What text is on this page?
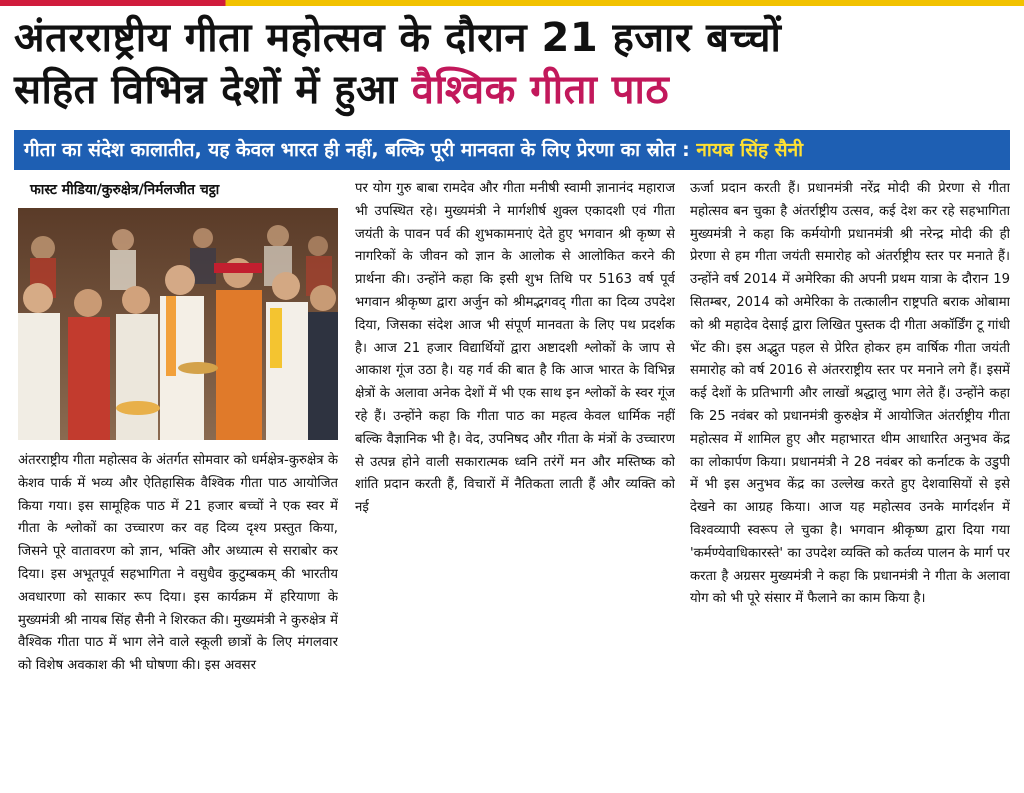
अंतरराष्ट्रीय गीता महोत्सव के दौरान 21 हजार बच्चों
सहित विभिन्न देशों में हुआ वैश्विक गीता पाठ
गीता का संदेश कालातीत, यह केवल भारत ही नहीं, बल्कि पूरी मानवता के लिए प्रेरणा का स्रोत : नायब सिंह सैनी
फास्ट मीडिया/कुरुक्षेत्र/निर्मलजीत चट्ठा

अंतरराष्ट्रीय गीता महोत्सव के अंतर्गत सोमवार को धर्मक्षेत्र-कुरुक्षेत्र के केशव पार्क में भव्य और ऐतिहासिक वैश्विक गीता पाठ आयोजित किया गया। इस सामूहिक पाठ में 21 हजार बच्चों ने एक स्वर में गीता के श्लोकों का उच्चारण कर वह दिव्य दृश्य प्रस्तुत किया, जिसने पूरे वातावरण को ज्ञान, भक्ति और अध्यात्म से सराबोर कर दिया। इस अभूतपूर्व सहभागिता ने वसुधैव कुटुम्बकम् की भारतीय अवधारणा को साकार रूप दिया। इस कार्यक्रम में हरियाणा के मुख्यमंत्री श्री नायब सिंह सैनी ने शिरकत की। मुख्यमंत्री ने कुरुक्षेत्र में वैश्विक गीता पाठ में भाग लेने वाले स्कूली छात्रों के लिए मंगलवार को विशेष अवकाश की भी घोषणा की। इस अवसर

पर योग गुरु बाबा रामदेव और गीता मनीषी स्वामी ज्ञानानंद महाराज भी उपस्थित रहे। मुख्यमंत्री ने मार्गशीर्ष शुक्ल एकादशी एवं गीता जयंती के पावन पर्व की शुभकामनाएं देते हुए भगवान श्री कृष्ण से नागरिकों के जीवन को ज्ञान के आलोक से आलोकित करने की प्रार्थना की। उन्होंने कहा कि इसी शुभ तिथि पर 5163 वर्ष पूर्व भगवान श्रीकृष्ण द्वारा अर्जुन को श्रीमद्भगवद् गीता का दिव्य उपदेश दिया, जिसका संदेश आज भी संपूर्ण मानवता के लिए पथ प्रदर्शक है। आज 21 हजार विद्यार्थियों द्वारा अष्टादशी श्लोकों के जाप से आकाश गूंज उठा है। यह गर्व की बात है कि आज भारत के विभिन्न क्षेत्रों के अलावा अनेक देशों में भी एक साथ इन श्लोकों के स्वर गूंज रहे हैं। उन्होंने कहा कि गीता पाठ का महत्व केवल धार्मिक नहीं बल्कि वैज्ञानिक भी है। वेद, उपनिषद और गीता के मंत्रों के उच्चारण से उत्पन्न होने वाली सकारात्मक ध्वनि तरंगें मन और मस्तिष्क को शांति प्रदान करती हैं, विचारों में नैतिकता लाती हैं और व्यक्ति को नई

ऊर्जा प्रदान करती हैं। प्रधानमंत्री नरेंद्र मोदी की प्रेरणा से गीता महोत्सव बन चुका है अंतर्राष्ट्रीय उत्सव, कई देश कर रहे सहभागिता मुख्यमंत्री ने कहा कि कर्मयोगी प्रधानमंत्री श्री नरेन्द्र मोदी की ही प्रेरणा से हम गीता जयंती समारोह को अंतर्राष्ट्रीय स्तर पर मनाते हैं। उन्होंने वर्ष 2014 में अमेरिका की अपनी प्रथम यात्रा के दौरान 19 सितम्बर, 2014 को अमेरिका के तत्कालीन राष्ट्रपति बराक ओबामा को श्री महादेव देसाई द्वारा लिखित पुस्तक दी गीता अकॉर्डिंग टू गांधी भेंट की। इस अद्भुत पहल से प्रेरित होकर हम वार्षिक गीता जयंती समारोह को वर्ष 2016 से अंतरराष्ट्रीय स्तर पर मनाने लगे हैं। इसमें कई देशों के प्रतिभागी और लाखों श्रद्धालु भाग लेते हैं। उन्होंने कहा कि 25 नवंबर को प्रधानमंत्री कुरुक्षेत्र में आयोजित अंतर्राष्ट्रीय गीता महोत्सव में शामिल हुए और महाभारत थीम आधारित अनुभव केंद्र का लोकार्पण किया। प्रधानमंत्री ने 28 नवंबर को कर्नाटक के उडुपी में भी इस अनुभव केंद्र का उल्लेख करते हुए देशवासियों से इसे देखने का आग्रह किया। आज यह महोत्सव उनके मार्गदर्शन में विश्वव्यापी स्वरूप ले चुका है। भगवान श्रीकृष्ण द्वारा दिया गया 'कर्मण्येवाधिकारस्ते' का उपदेश व्यक्ति को कर्तव्य पालन के मार्ग पर करता है अग्रसर मुख्यमंत्री ने कहा कि प्रधानमंत्री ने गीता के अलावा योग को भी पूरे संसार में फैलाने का काम किया है।
